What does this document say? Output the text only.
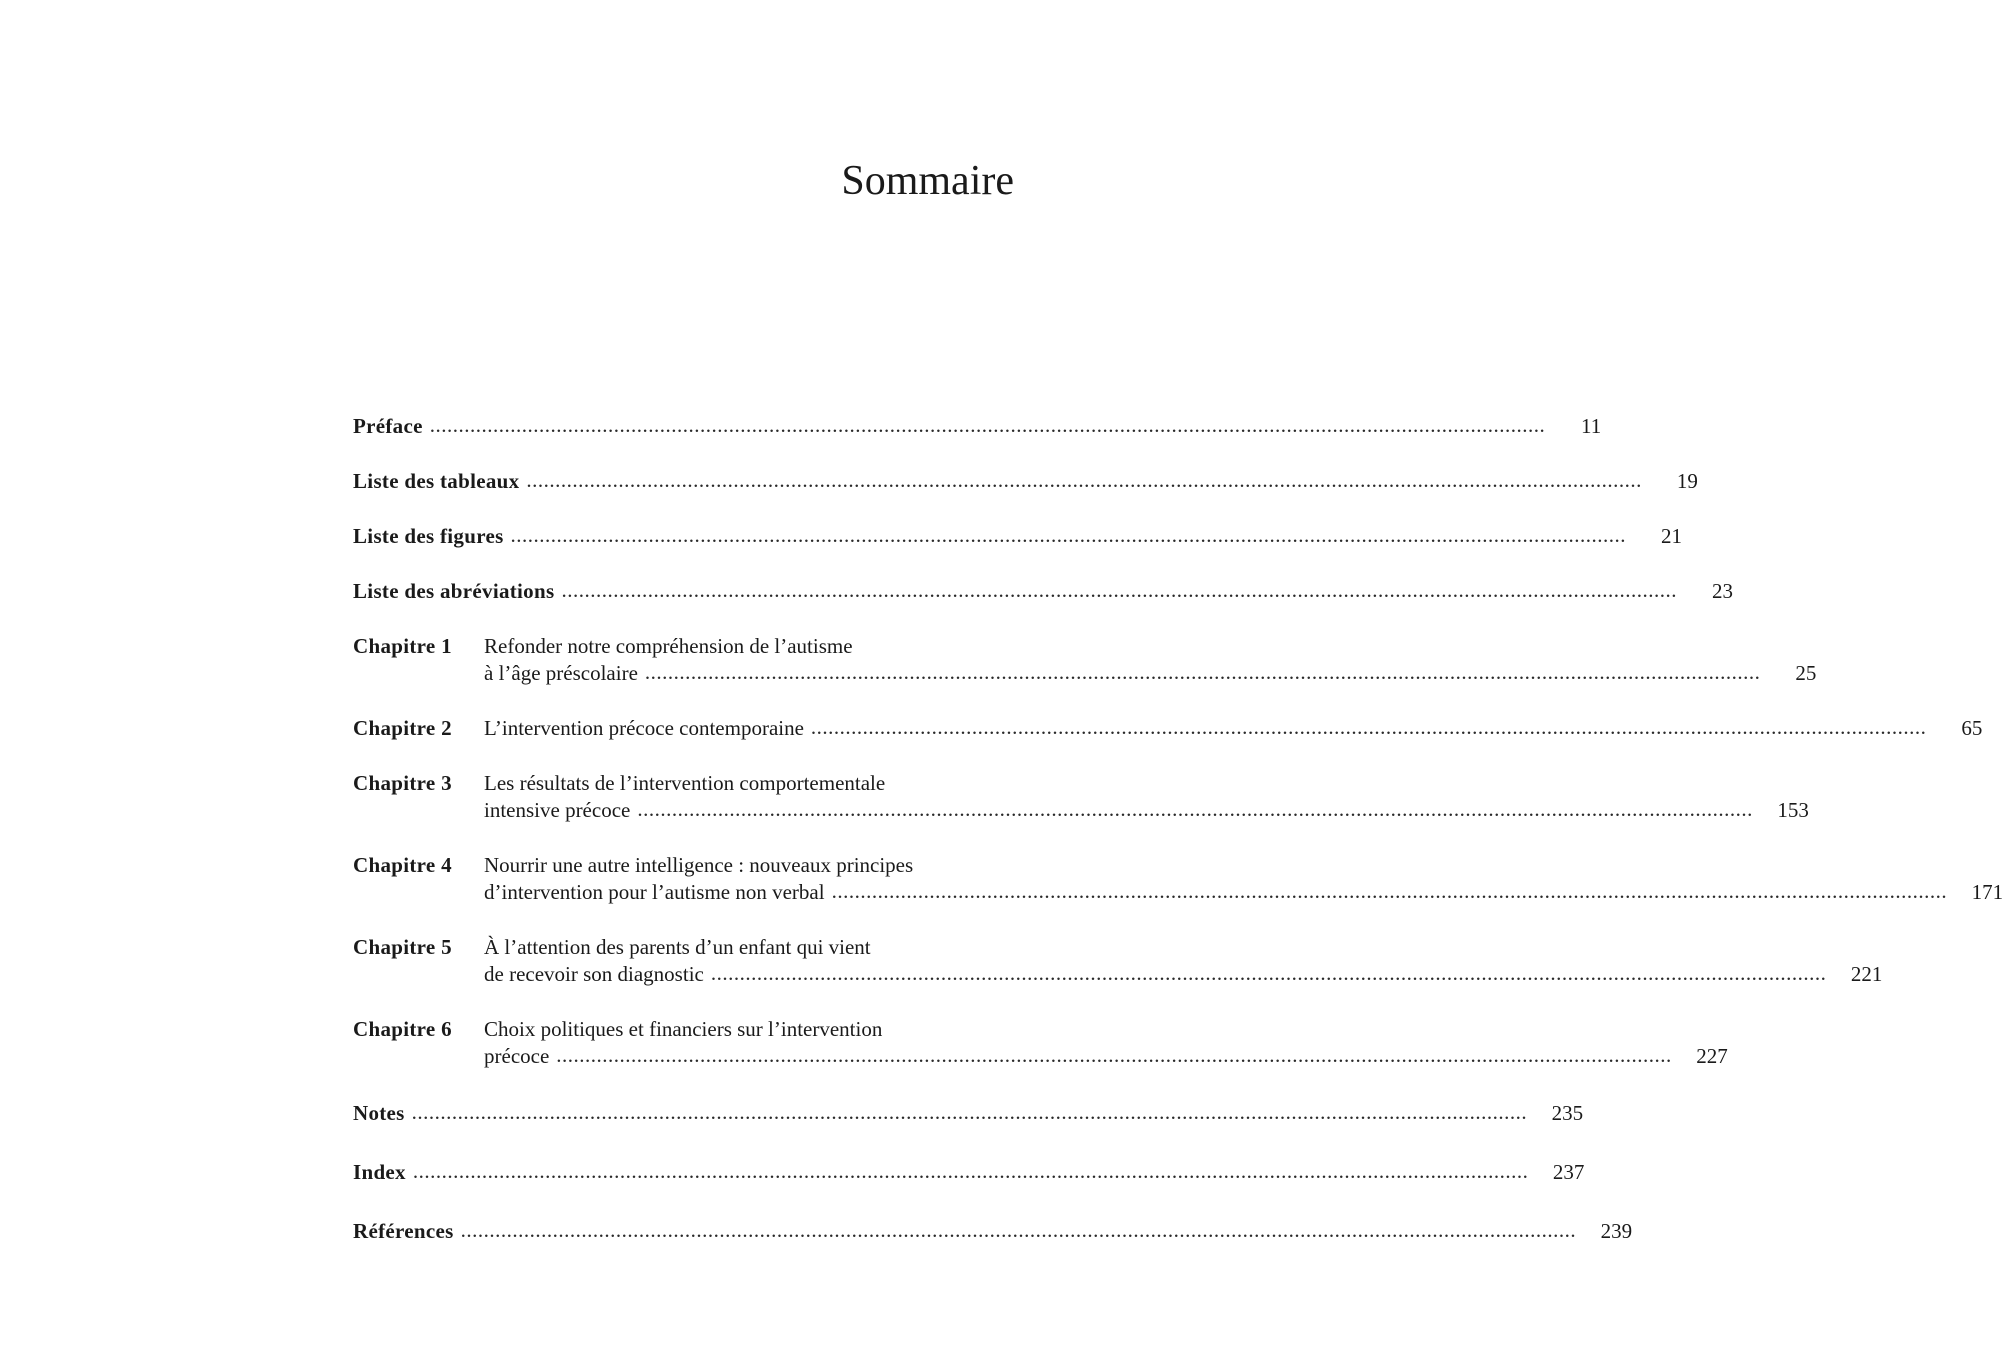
Sommaire
Préface ..................................................................................................................................................................................................	11
Liste des tableaux ..................................................................................................................................................................................................	19
Liste des figures ..................................................................................................................................................................................................	21
Liste des abréviations ..................................................................................................................................................................................................	23
Chapitre 1 Refonder notre compréhension de l’autisme
à l’âge préscolaire ..................................................................................................................................................................................................	25
Chapitre 2 L’intervention précoce contemporaine ..................................................................................................................................................................................................	65
Chapitre 3 Les résultats de l’intervention comportementale
intensive précoce ..................................................................................................................................................................................................	153
Chapitre 4 Nourrir une autre intelligence : nouveaux principes
d’intervention pour l’autisme non verbal ..................................................................................................................................................................................................	171
Chapitre 5 À l’attention des parents d’un enfant qui vient
de recevoir son diagnostic ..................................................................................................................................................................................................	221
Chapitre 6 Choix politiques et financiers sur l’intervention
précoce ..................................................................................................................................................................................................	227
Notes ..................................................................................................................................................................................................	235
Index ..................................................................................................................................................................................................	237
Références ..................................................................................................................................................................................................	239
